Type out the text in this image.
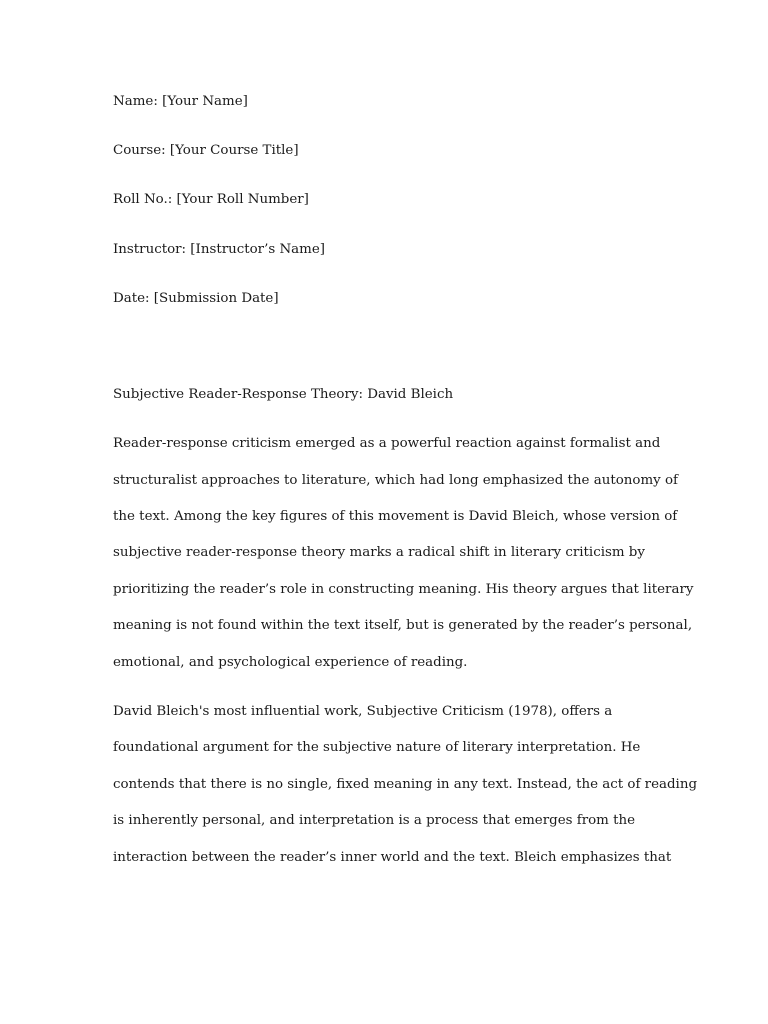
Name: [Your Name]
Course: [Your Course Title]
Roll No.: [Your Roll Number]
Instructor: [Instructor’s Name]
Date: [Submission Date]
Subjective Reader-Response Theory: David Bleich
Reader-response criticism emerged as a powerful reaction against formalist and
structuralist approaches to literature, which had long emphasized the autonomy of
the text. Among the key figures of this movement is David Bleich, whose version of
subjective reader-response theory marks a radical shift in literary criticism by
prioritizing the reader’s role in constructing meaning. His theory argues that literary
meaning is not found within the text itself, but is generated by the reader’s personal,
emotional, and psychological experience of reading.
David Bleich's most influential work, Subjective Criticism (1978), offers a
foundational argument for the subjective nature of literary interpretation. He
contends that there is no single, fixed meaning in any text. Instead, the act of reading
is inherently personal, and interpretation is a process that emerges from the
interaction between the reader’s inner world and the text. Bleich emphasizes that
